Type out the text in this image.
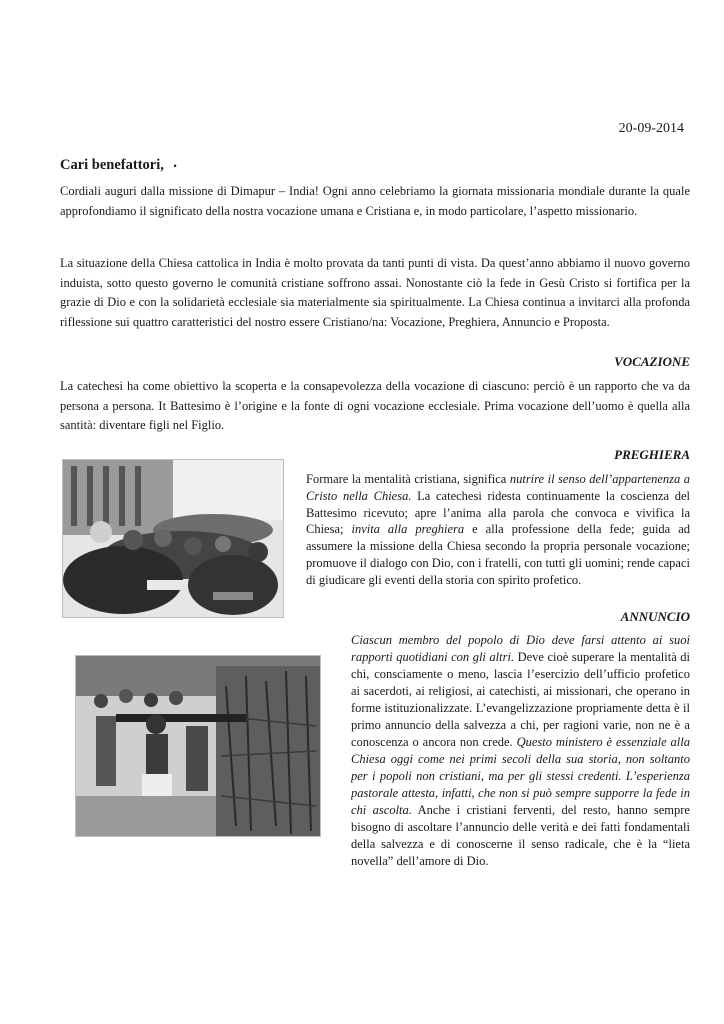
20-09-2014
Cari benefattori, •

Cordiali auguri dalla missione di Dimapur – India! Ogni anno celebriamo la giornata missionaria mondiale durante la quale approfondiamo il significato della nostra vocazione umana e Cristiana e, in modo particolare, l’aspetto missionario.

La situazione della Chiesa cattolica in India è molto provata da tanti punti di vista. Da quest’anno abbiamo il nuovo governo induista, sotto questo governo le comunità cristiane soffrono assai. Nonostante ciò la fede in Gesù Cristo si fortifica per la grazie di Dio e con la solidarietà ecclesiale sia materialmente sia spiritualmente. La Chiesa continua a invitarci alla profonda riflessione sui quattro caratteristici del nostro essere Cristiano/na: Vocazione, Preghiera, Annuncio e Proposta.

VOCAZIONE

La catechesi ha come obiettivo la scoperta e la consapevolezza della vocazione di ciascuno: perciò è un rapporto che va da persona a persona. It Battesimo è l’origine e la fonte di ogni vocazione ecclesiale. Prima vocazione dell’uomo è quella alla santità: diventare figli nel Figlio.

PREGHIERA

Formare la mentalità cristiana, significa nutrire il senso dell’appartenenza a Cristo nella Chiesa. La catechesi ridesta continuamente la coscienza del Battesimo ricevuto; apre l’anima alla parola che convoca e vivifica la Chiesa; invita alla preghiera e alla professione della fede; guida ad assumere la missione della Chiesa secondo la propria personale vocazione; promuove il dialogo con Dio, con i fratelli, con tutti gli uomini; rende capaci di giudicare gli eventi della storia con spirito profetico.

ANNUNCIO

Ciascun membro del popolo di Dio deve farsi attento ai suoi rapporti quotidiani con gli altri. Deve cioè superare la mentalità di chi, consciamente o meno, lascia l’esercizio dell’ufficio profetico ai sacerdoti, ai religiosi, ai catechisti, ai missionari, che operano in forme istituzionalizzate. L’evangelizzazione propriamente detta è il primo annuncio della salvezza a chi, per ragioni varie, non ne è a conoscenza o ancora non crede. Questo ministero è essenziale alla Chiesa oggi come nei primi secoli della sua storia, non soltanto per i popoli non cristiani, ma per gli stessi credenti. L’esperienza pastorale attesta, infatti, che non si può sempre supporre la fede in chi ascolta. Anche i cristiani ferventi, del resto, hanno sempre bisogno di ascoltare l’annuncio delle verità e dei fatti fondamentali della salvezza e di conoscerne il senso radicale, che è la “lieta novella” dell’amore di Dio.
